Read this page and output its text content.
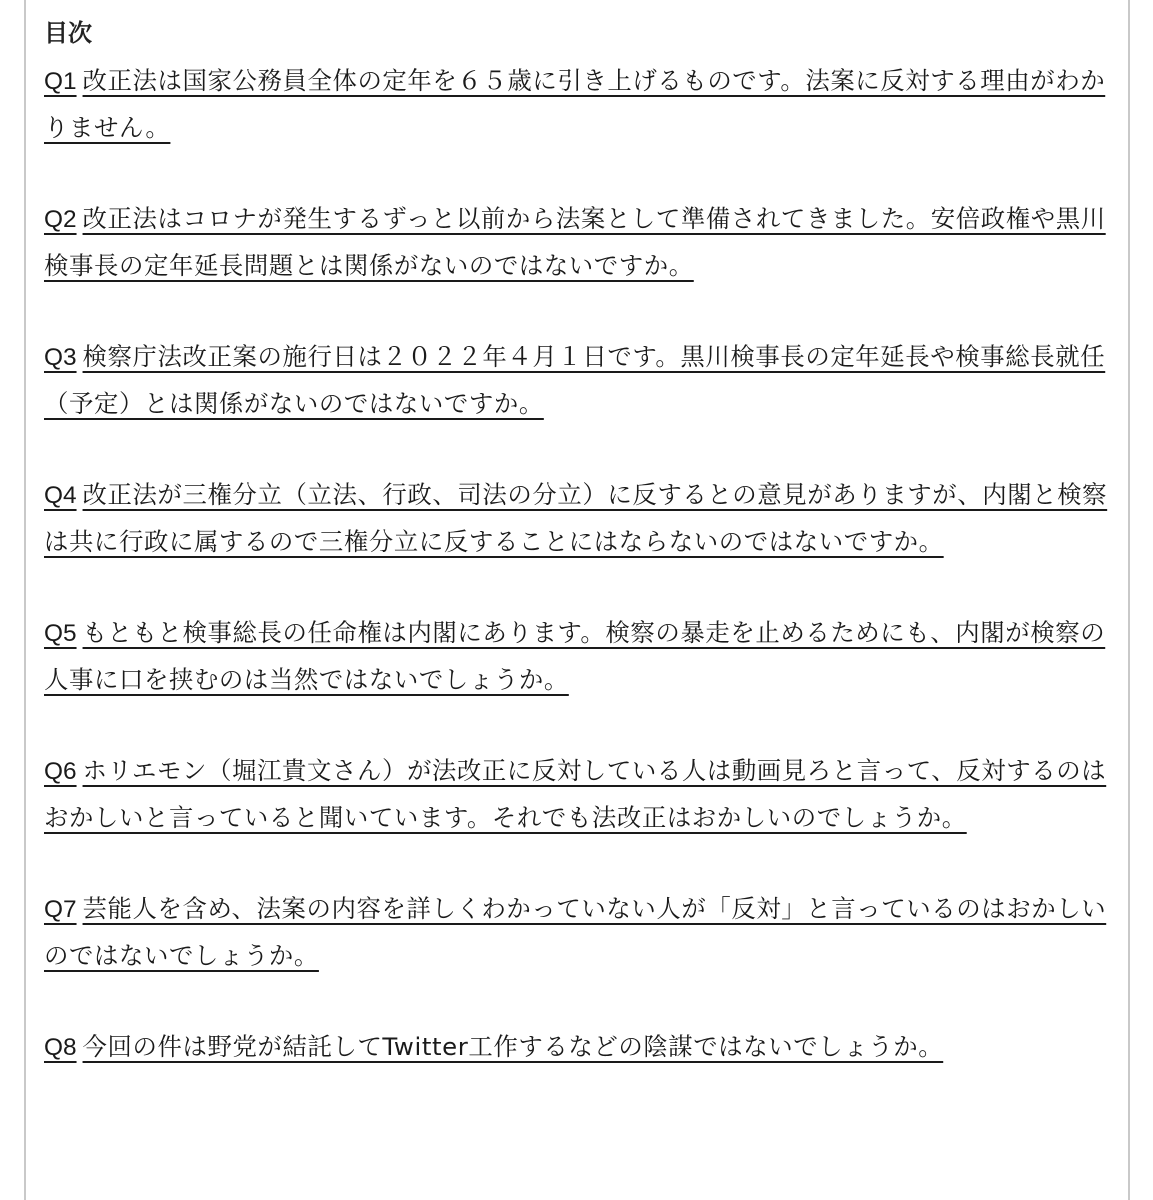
目次
Q1 改正法は国家公務員全体の定年を６５歳に引き上げるものです。法案に反対する理由がわかりません。
Q2 改正法はコロナが発生するずっと以前から法案として準備されてきました。安倍政権や黒川検事長の定年延長問題とは関係がないのではないですか。
Q3 検察庁法改正案の施行日は２０２２年４月１日です。黒川検事長の定年延長や検事総長就任（予定）とは関係がないのではないですか。
Q4 改正法が三権分立（立法、行政、司法の分立）に反するとの意見がありますが、内閣と検察は共に行政に属するので三権分立に反することにはならないのではないですか。
Q5 もともと検事総長の任命権は内閣にあります。検察の暴走を止めるためにも、内閣が検察の人事に口を挟むのは当然ではないでしょうか。
Q6 ホリエモン（堀江貴文さん）が法改正に反対している人は動画見ろと言って、反対するのはおかしいと言っていると聞いています。それでも法改正はおかしいのでしょうか。
Q7 芸能人を含め、法案の内容を詳しくわかっていない人が「反対」と言っているのはおかしいのではないでしょうか。
Q8 今回の件は野党が結託してTwitter工作するなどの陰謀ではないでしょうか。
